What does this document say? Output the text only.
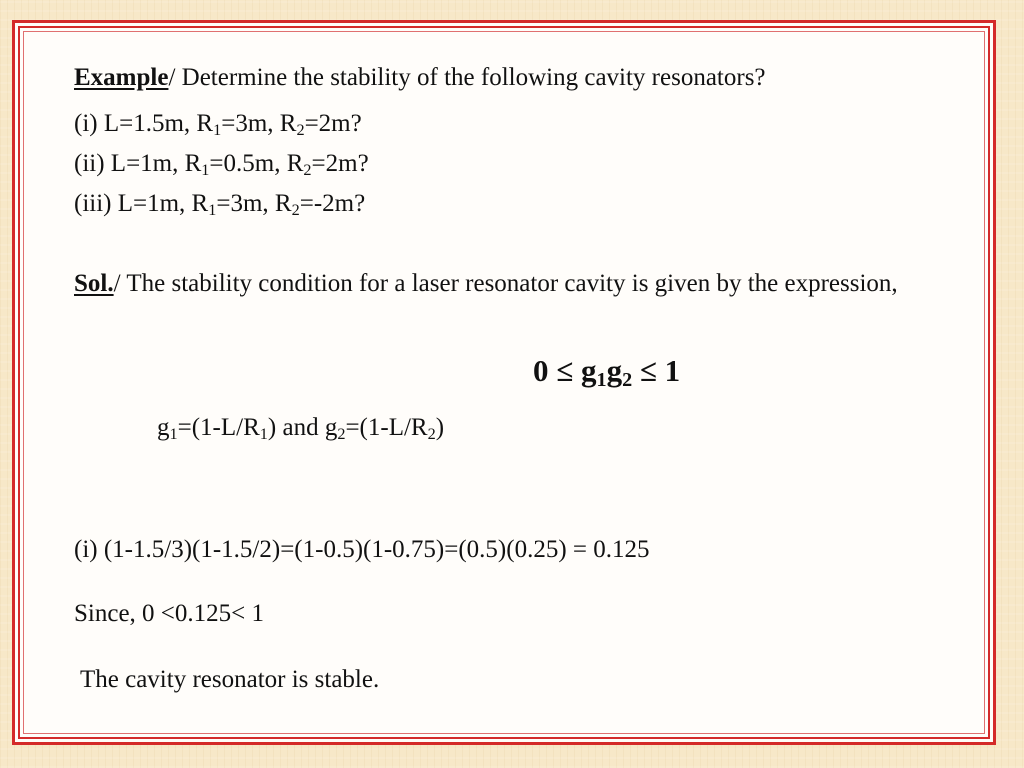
Example/ Determine the stability of the following cavity resonators?
(i) L=1.5m, $R_1=3m$, $R_2=2m$?
(ii) L=1m, $R_1=0.5m$, $R_2=2m$?
(iii) L=1m, $R_1=3m$, $R_2=-2m$?
Sol./ The stability condition for a laser resonator cavity is given by the expression,
$0 \le g_1g_2 \le 1$
$g_1=(1-L/R_1)$ and $g_2=(1-L/R_2)$
(i) (1-1.5/3)(1-1.5/2)=(1-0.5)(1-0.75)=(0.5)(0.25) = 0.125
Since, 0 <0.125< 1
The cavity resonator is stable.
